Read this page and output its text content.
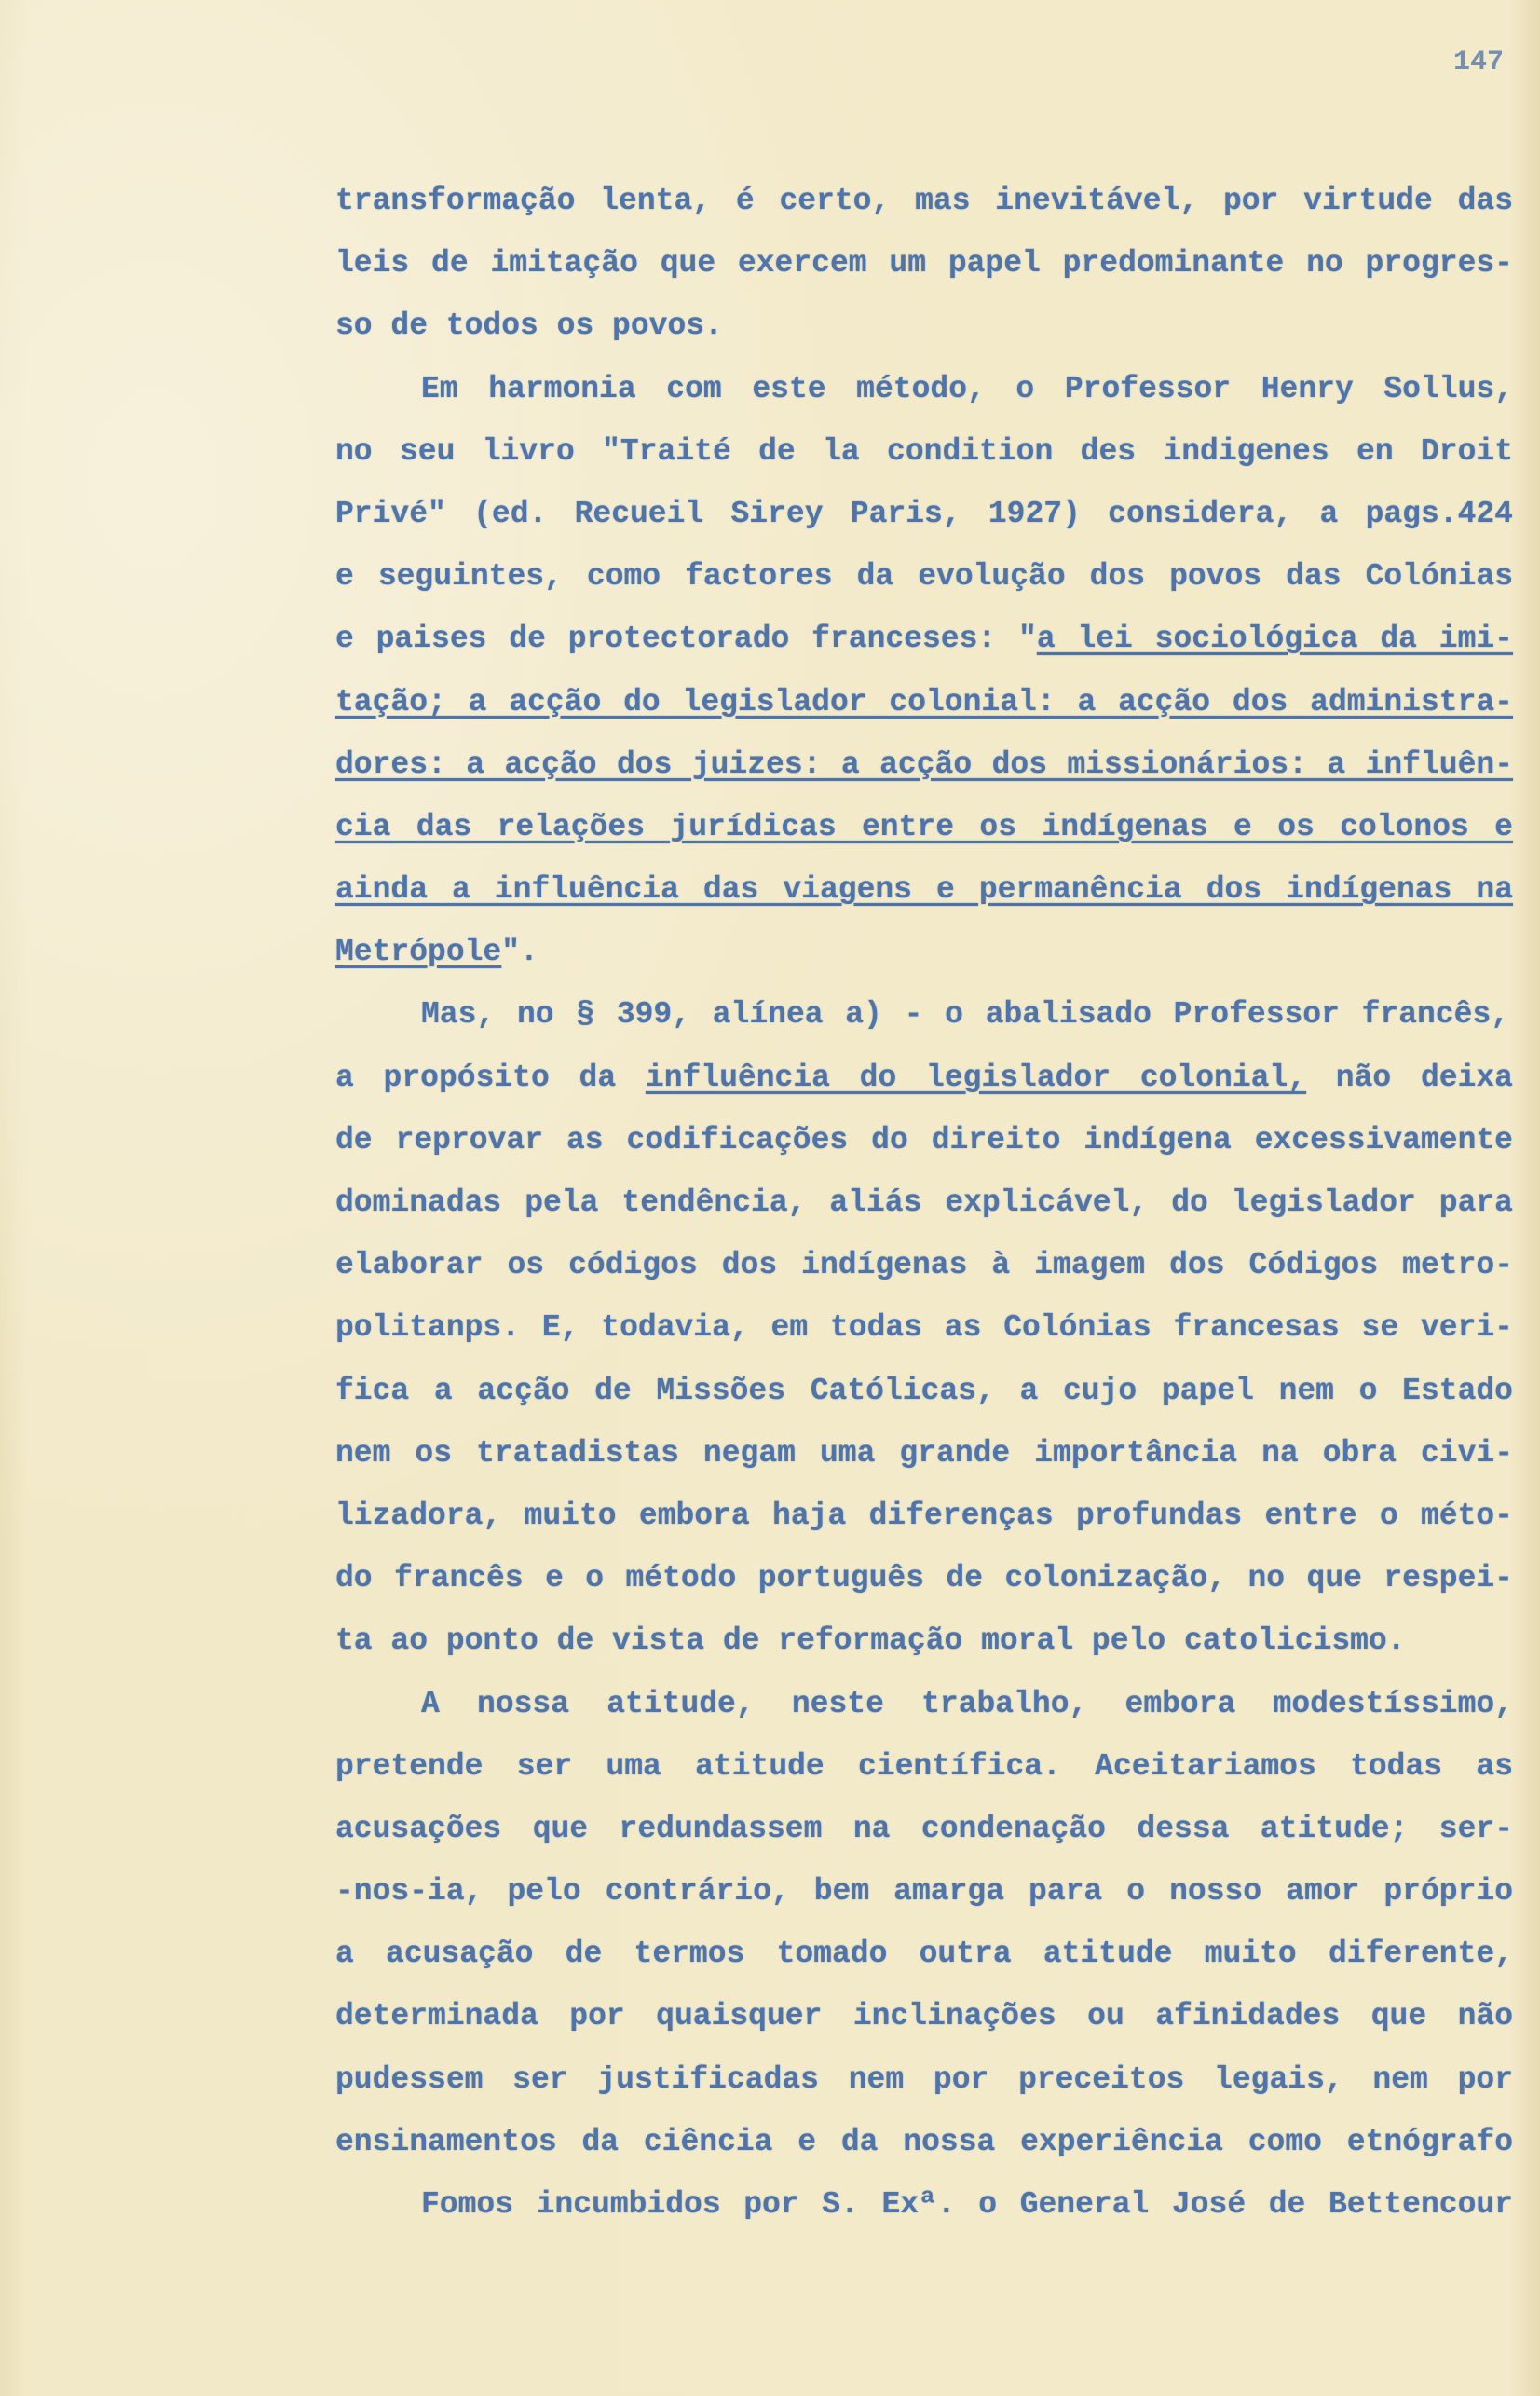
147
transformação lenta, é certo, mas inevitável, por virtude das
leis de imitação que exercem um papel predominante no progres-
so de todos os povos.
Em harmonia com este método, o Professor Henry Sollus,
no seu livro "Traité de la condition des indigenes en Droit
Privé" (ed. Recueil Sirey Paris, 1927) considera, a pags.424
e seguintes, como factores da evolução dos povos das Colónias
e paises de protectorado franceses: "a lei sociológica da imi-
tação; a acção do legislador colonial: a acção dos administra-
dores: a acção dos juizes: a acção dos missionários: a influên-
cia das relações jurídicas entre os indígenas e os colonos e
ainda a influência das viagens e permanência dos indígenas na
Metrópole".
Mas, no § 399, alínea a) - o abalisado Professor francês,
a propósito da influência do legislador colonial, não deixa
de reprovar as codificações do direito indígena excessivamente
dominadas pela tendência, aliás explicável, do legislador para
elaborar os códigos dos indígenas à imagem dos Códigos metro-
politanps. E, todavia, em todas as Colónias francesas se veri-
fica a acção de Missões Católicas, a cujo papel nem o Estado
nem os tratadistas negam uma grande importância na obra civi-
lizadora, muito embora haja diferenças profundas entre o méto-
do francês e o método português de colonização, no que respei-
ta ao ponto de vista de reformação moral pelo catolicismo.
A nossa atitude, neste trabalho, embora modestíssimo,
pretende ser uma atitude científica. Aceitariamos todas as
acusações que redundassem na condenação dessa atitude; ser-
-nos-ia, pelo contrário, bem amarga para o nosso amor próprio
a acusação de termos tomado outra atitude muito diferente,
determinada por quaisquer inclinações ou afinidades que não
pudessem ser justificadas nem por preceitos legais, nem por
ensinamentos da ciência e da nossa experiência como etnógrafo
Fomos incumbidos por S. Exª. o General José de Bettencour
